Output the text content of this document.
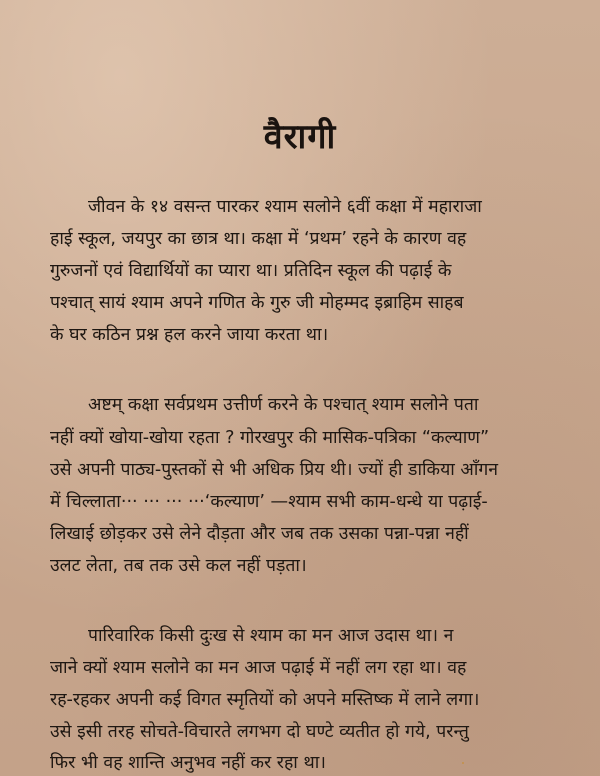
वैरागी
जीवन के १४ वसन्त पारकर श्याम सलोने ६वीं कक्षा में महाराजा
हाई स्कूल, जयपुर का छात्र था। कक्षा में ‘प्रथम’ रहने के कारण वह
गुरुजनों एवं विद्यार्थियों का प्यारा था। प्रतिदिन स्कूल की पढ़ाई के
पश्चात् सायं श्याम अपने गणित के गुरु जी मोहम्मद इब्राहिम साहब
के घर कठिन प्रश्न हल करने जाया करता था।
अष्टम् कक्षा सर्वप्रथम उत्तीर्ण करने के पश्चात् श्याम सलोने पता
नहीं क्यों खोया-खोया रहता ? गोरखपुर की मासिक-पत्रिका “कल्याण”
उसे अपनी पाठ्य-पुस्तकों से भी अधिक प्रिय थी। ज्यों ही डाकिया आँगन
में चिल्लाता··· ··· ··· ···‘कल्याण’ —श्याम सभी काम-धन्धे या पढ़ाई-
लिखाई छोड़कर उसे लेने दौड़ता और जब तक उसका पन्ना-पन्ना नहीं
उलट लेता, तब तक उसे कल नहीं पड़ता।
पारिवारिक किसी दुःख से श्याम का मन आज उदास था। न
जाने क्यों श्याम सलोने का मन आज पढ़ाई में नहीं लग रहा था। वह
रह-रहकर अपनी कई विगत स्मृतियों को अपने मस्तिष्क में लाने लगा।
उसे इसी तरह सोचते-विचारते लगभग दो घण्टे व्यतीत हो गये, परन्तु
फिर भी वह शान्ति अनुभव नहीं कर रहा था।
